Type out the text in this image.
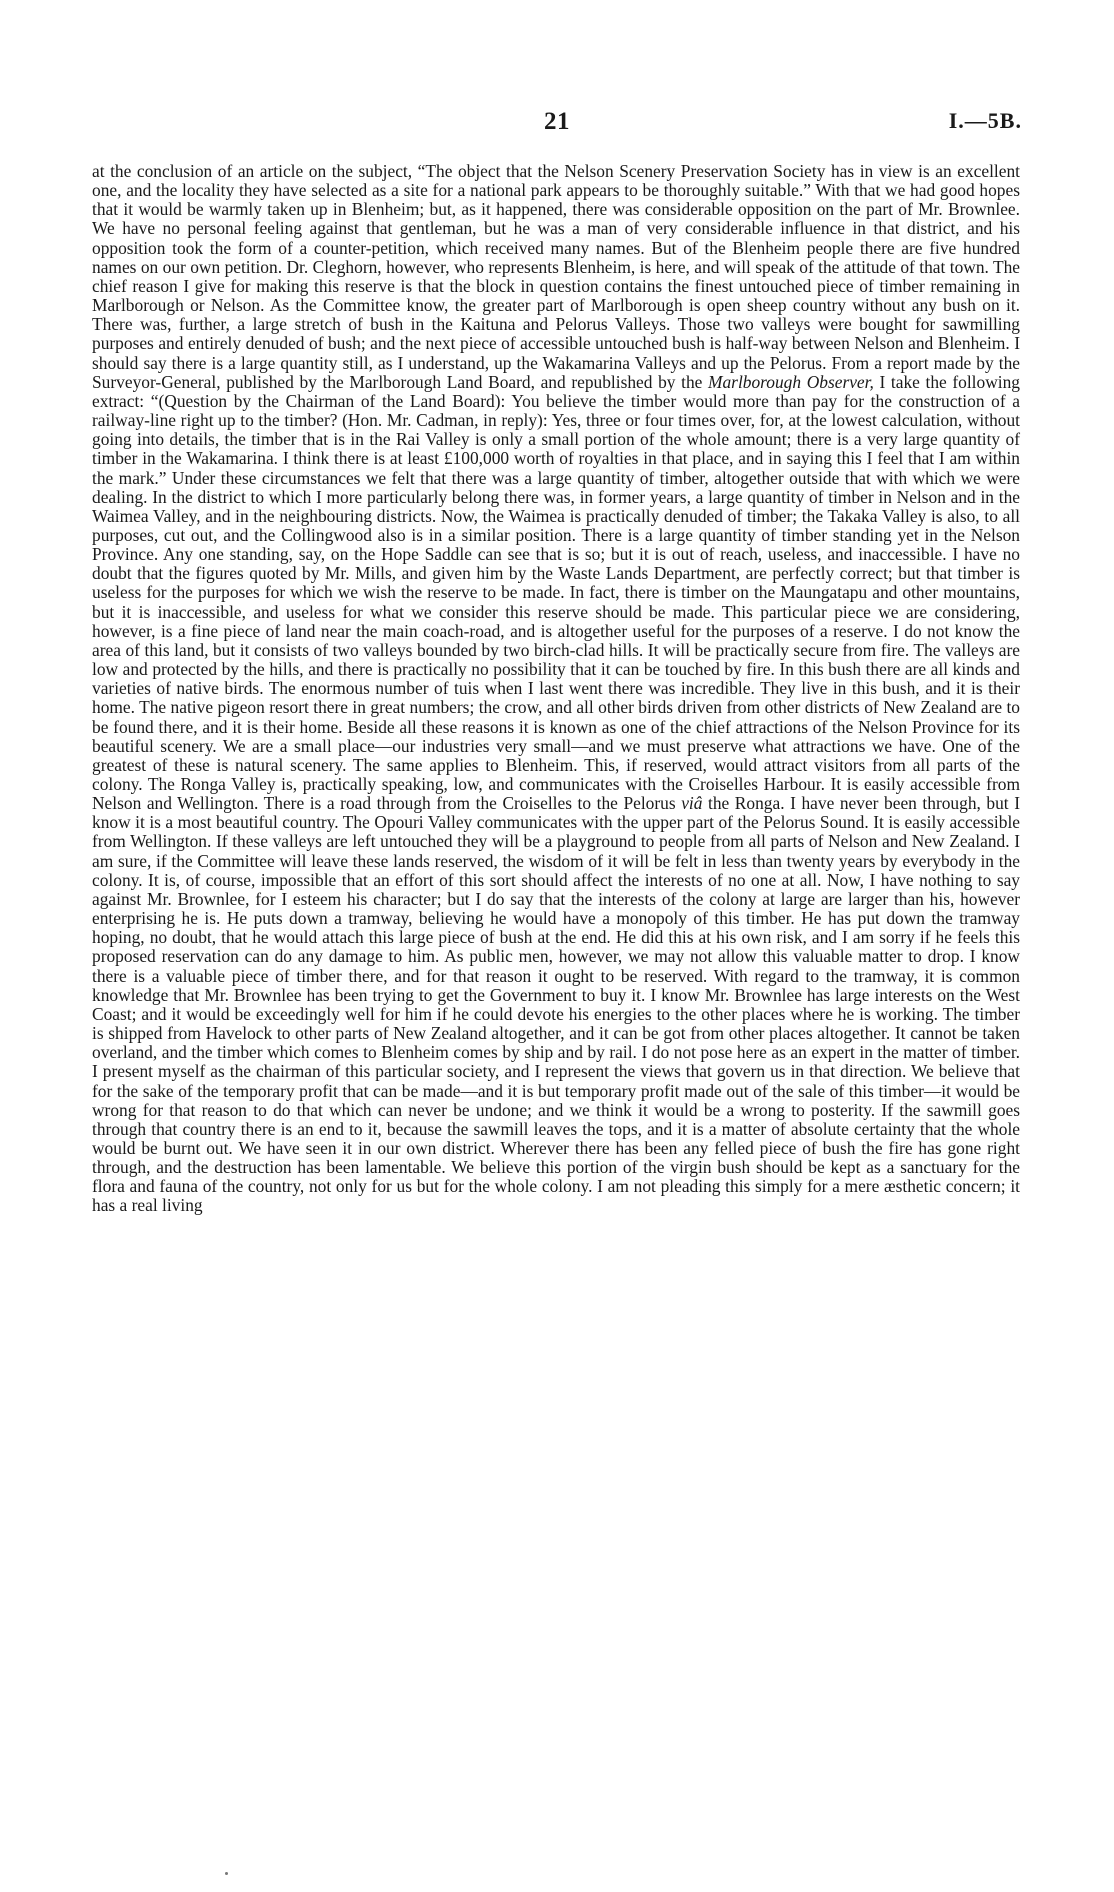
21	I.—5B.

at the conclusion of an article on the subject, “The object that the Nelson Scenery Preservation Society has in view is an excellent one, and the locality they have selected as a site for a national park appears to be thoroughly suitable.” With that we had good hopes that it would be warmly taken up in Blenheim; but, as it happened, there was considerable opposition on the part of Mr. Brownlee. We have no personal feeling against that gentleman, but he was a man of very considerable influence in that district, and his opposition took the form of a counter-petition, which received many names. But of the Blenheim people there are five hundred names on our own petition. Dr. Cleghorn, however, who represents Blenheim, is here, and will speak of the attitude of that town. The chief reason I give for making this reserve is that the block in question contains the finest untouched piece of timber remaining in Marlborough or Nelson. As the Committee know, the greater part of Marlborough is open sheep country without any bush on it. There was, further, a large stretch of bush in the Kaituna and Pelorus Valleys. Those two valleys were bought for sawmilling purposes and entirely denuded of bush; and the next piece of accessible untouched bush is half-way between Nelson and Blenheim. I should say there is a large quantity still, as I understand, up the Wakamarina Valleys and up the Pelorus. From a report made by the Surveyor-General, published by the Marlborough Land Board, and republished by the Marlborough Observer, I take the following extract: “(Question by the Chairman of the Land Board): You believe the timber would more than pay for the construction of a railway-line right up to the timber? (Hon. Mr. Cadman, in reply): Yes, three or four times over, for, at the lowest calculation, without going into details, the timber that is in the Rai Valley is only a small portion of the whole amount; there is a very large quantity of timber in the Wakamarina. I think there is at least £100,000 worth of royalties in that place, and in saying this I feel that I am within the mark.” Under these circumstances we felt that there was a large quantity of timber, altogether outside that with which we were dealing. In the district to which I more particularly belong there was, in former years, a large quantity of timber in Nelson and in the Waimea Valley, and in the neighbouring districts. Now, the Waimea is practically denuded of timber; the Takaka Valley is also, to all purposes, cut out, and the Collingwood also is in a similar position. There is a large quantity of timber standing yet in the Nelson Province. Any one standing, say, on the Hope Saddle can see that is so; but it is out of reach, useless, and inaccessible. I have no doubt that the figures quoted by Mr. Mills, and given him by the Waste Lands Department, are perfectly correct; but that timber is useless for the purposes for which we wish the reserve to be made. In fact, there is timber on the Maungatapu and other mountains, but it is inaccessible, and useless for what we consider this reserve should be made. This particular piece we are considering, however, is a fine piece of land near the main coach-road, and is altogether useful for the purposes of a reserve. I do not know the area of this land, but it consists of two valleys bounded by two birch-clad hills. It will be practically secure from fire. The valleys are low and protected by the hills, and there is practically no possibility that it can be touched by fire. In this bush there are all kinds and varieties of native birds. The enormous number of tuis when I last went there was incredible. They live in this bush, and it is their home. The native pigeon resort there in great numbers; the crow, and all other birds driven from other districts of New Zealand are to be found there, and it is their home. Beside all these reasons it is known as one of the chief attractions of the Nelson Province for its beautiful scenery. We are a small place—our industries very small—and we must preserve what attractions we have. One of the greatest of these is natural scenery. The same applies to Blenheim. This, if reserved, would attract visitors from all parts of the colony. The Ronga Valley is, practically speaking, low, and communicates with the Croiselles Harbour. It is easily accessible from Nelson and Wellington. There is a road through from the Croiselles to the Pelorus viâ the Ronga. I have never been through, but I know it is a most beautiful country. The Opouri Valley communicates with the upper part of the Pelorus Sound. It is easily accessible from Wellington. If these valleys are left untouched they will be a playground to people from all parts of Nelson and New Zealand. I am sure, if the Committee will leave these lands reserved, the wisdom of it will be felt in less than twenty years by everybody in the colony. It is, of course, impossible that an effort of this sort should affect the interests of no one at all. Now, I have nothing to say against Mr. Brownlee, for I esteem his character; but I do say that the interests of the colony at large are larger than his, however enterprising he is. He puts down a tramway, believing he would have a monopoly of this timber. He has put down the tramway hoping, no doubt, that he would attach this large piece of bush at the end. He did this at his own risk, and I am sorry if he feels this proposed reservation can do any damage to him. As public men, however, we may not allow this valuable matter to drop. I know there is a valuable piece of timber there, and for that reason it ought to be reserved. With regard to the tramway, it is common knowledge that Mr. Brownlee has been trying to get the Government to buy it. I know Mr. Brownlee has large interests on the West Coast; and it would be exceedingly well for him if he could devote his energies to the other places where he is working. The timber is shipped from Havelock to other parts of New Zealand altogether, and it can be got from other places altogether. It cannot be taken overland, and the timber which comes to Blenheim comes by ship and by rail. I do not pose here as an expert in the matter of timber. I present myself as the chairman of this particular society, and I represent the views that govern us in that direction. We believe that for the sake of the temporary profit that can be made—and it is but temporary profit made out of the sale of this timber—it would be wrong for that reason to do that which can never be undone; and we think it would be a wrong to posterity. If the sawmill goes through that country there is an end to it, because the sawmill leaves the tops, and it is a matter of absolute certainty that the whole would be burnt out. We have seen it in our own district. Wherever there has been any felled piece of bush the fire has gone right through, and the destruction has been lamentable. We believe this portion of the virgin bush should be kept as a sanctuary for the flora and fauna of the country, not only for us but for the whole colony. I am not pleading this simply for a mere æsthetic concern; it has a real living
